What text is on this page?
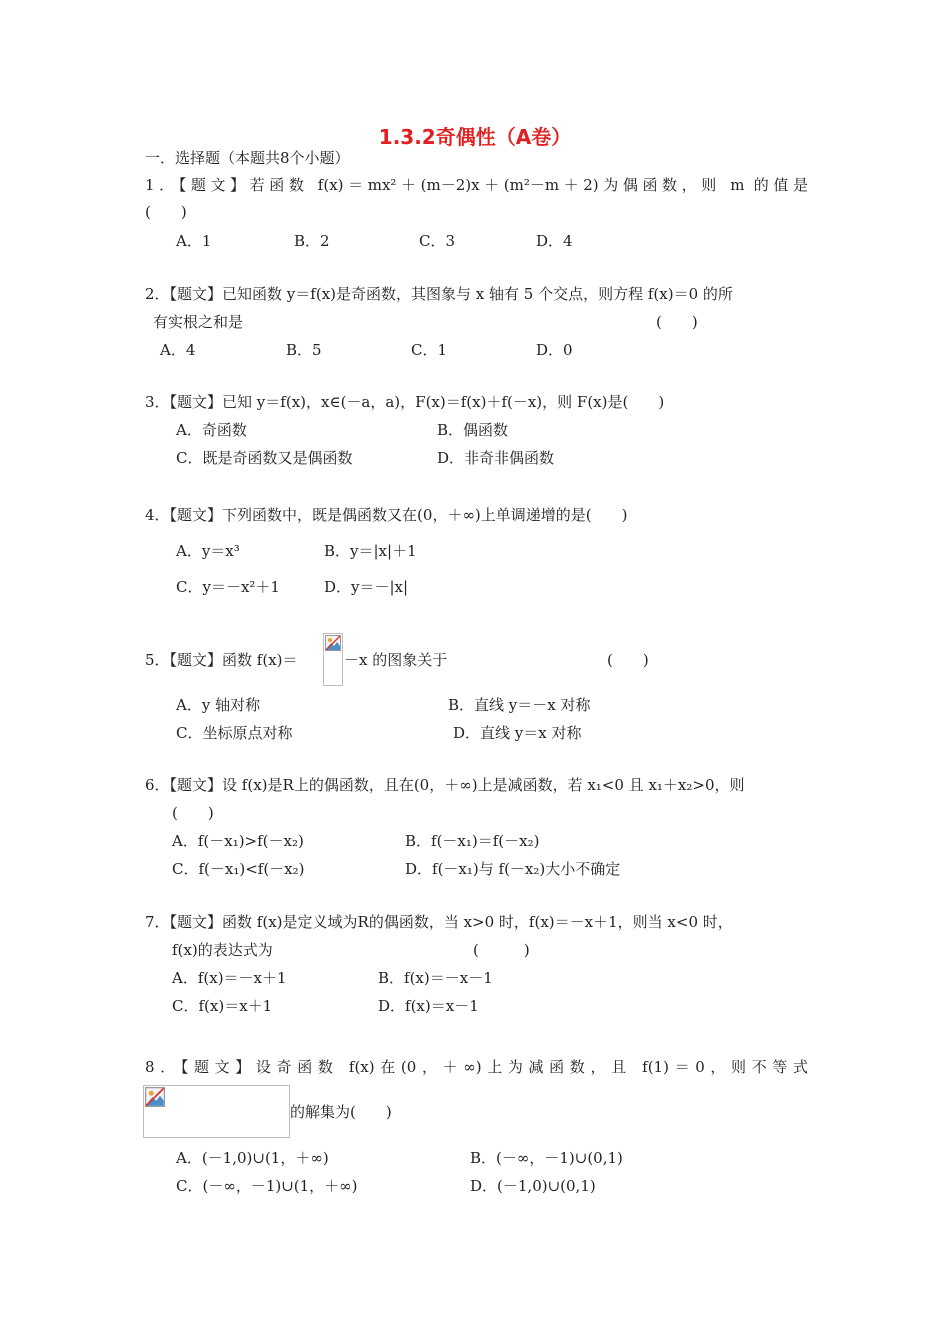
1.3.2奇偶性（A卷）
一．选择题（本题共8个小题）
1．【题文】若函数 f(x)＝mx²＋(m－2)x＋(m²－m＋2)为偶函数，则 m 的值是
(　　)
A．1	B．2	C．3	D．4
2．【题文】已知函数 y＝f(x)是奇函数，其图象与 x 轴有 5 个交点，则方程 f(x)＝0 的所
有实根之和是	(　　)
A．4	B．5	C．1	D．0
3．【题文】已知 y＝f(x)，x∈(－a，a)，F(x)＝f(x)＋f(－x)，则 F(x)是(　　)
A．奇函数	B．偶函数
C．既是奇函数又是偶函数	D．非奇非偶函数
4．【题文】下列函数中，既是偶函数又在(0，＋∞)上单调递增的是(　　)
A．y＝x³	B．y＝|x|＋1
C．y＝－x²＋1	D．y＝－|x|
5．【题文】函数 f(x)＝	－x 的图象关于	(　　)
A．y 轴对称	B．直线 y＝－x 对称
C．坐标原点对称	D．直线 y＝x 对称
6．【题文】设 f(x)是R上的偶函数，且在(0，＋∞)上是减函数，若 x₁<0 且 x₁＋x₂>0，则
(　　)
A．f(－x₁)>f(－x₂)	B．f(－x₁)＝f(－x₂)
C．f(－x₁)<f(－x₂)	D．f(－x₁)与 f(－x₂)大小不确定
7．【题文】函数 f(x)是定义域为R的偶函数，当 x>0 时，f(x)＝－x＋1，则当 x<0 时，
f(x)的表达式为	(　　　)
A．f(x)＝－x＋1	B．f(x)＝－x－1
C．f(x)＝x＋1	D．f(x)＝x－1
8．【题文】设奇函数 f(x)在(0，＋∞)上为减函数，且 f(1)＝0，则不等式
的解集为(　　)
A．(－1,0)∪(1，＋∞)	B．(－∞，－1)∪(0,1)
C．(－∞，－1)∪(1，＋∞)	D．(－1,0)∪(0,1)
